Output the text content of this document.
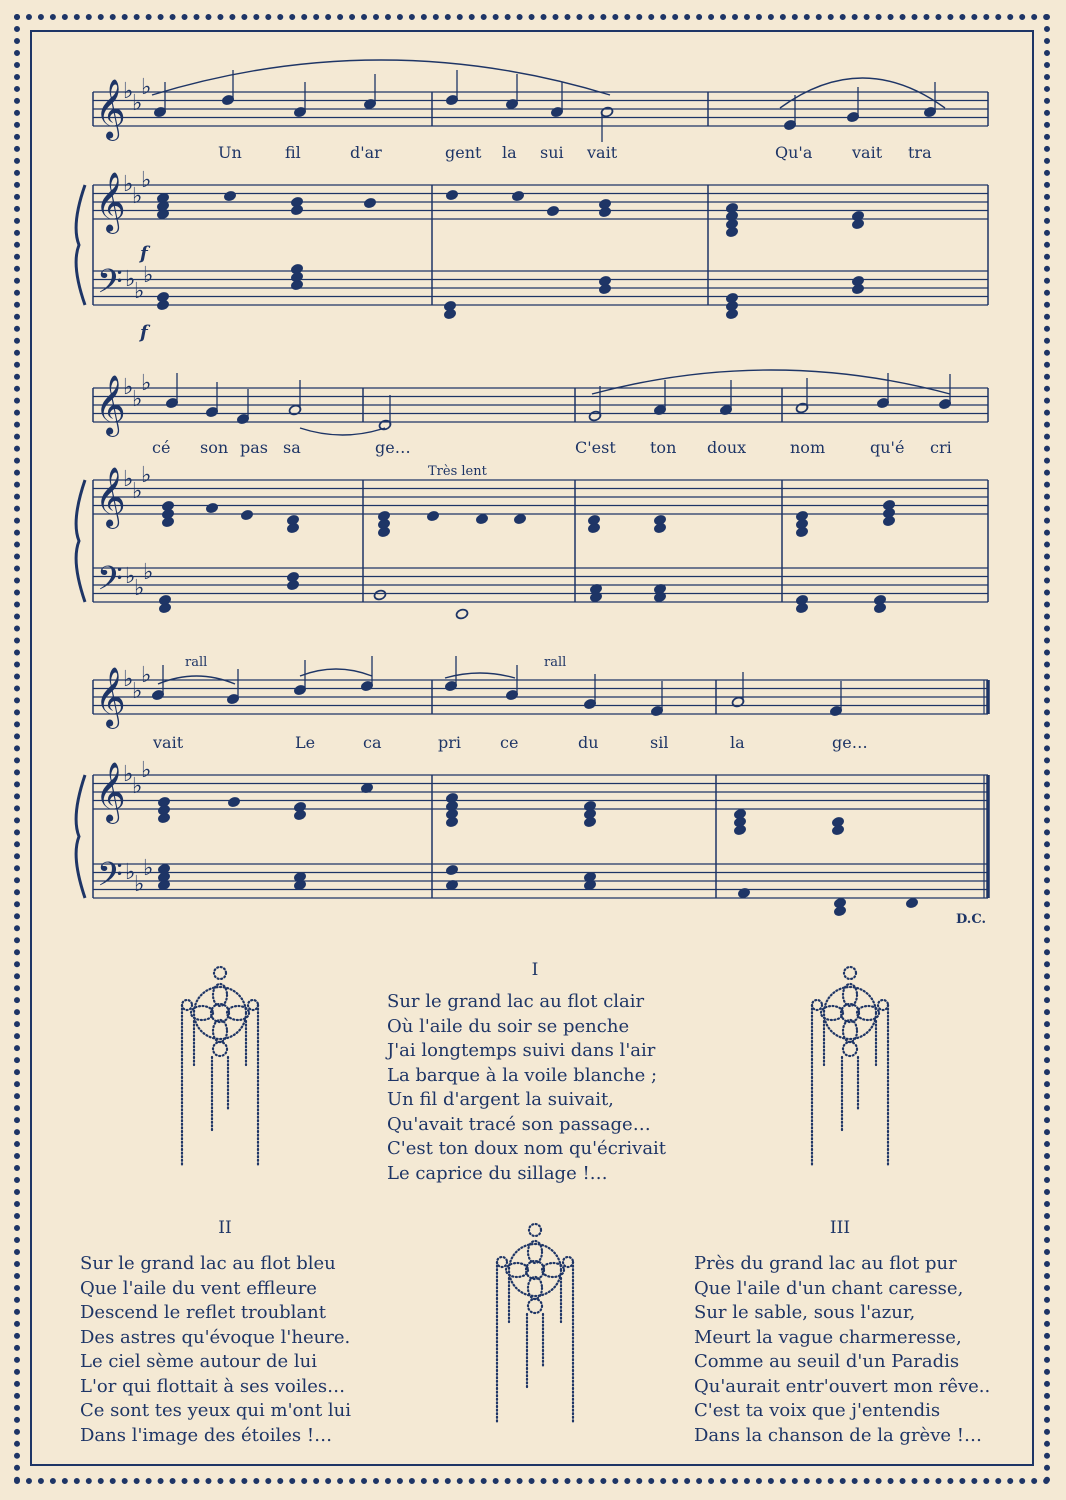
𝄞
𝄞
𝄢
♭
♭
♭
♭
♭
♭
♭
♭
♭
𝄞
𝄞
𝄢
♭
♭
♭
♭
♭
♭
♭
♭
♭
𝄞
𝄞
𝄢
♭
♭
♭
♭
♭
♭
♭
♭
♭
Un	fil	d'ar	gent la sui vait	Qu'a vait tra
f
f
cé son pas sa	ge…	C'est ton doux	nom	qu'é cri
Très lent
rall	rall
vait	Le	ca	pri ce	du	sil	la	ge…
D.C.
I
Sur le grand lac au flot clair
Où l'aile du soir se penche
J'ai longtemps suivi dans l'air
La barque à la voile blanche ;
Un fil d'argent la suivait,
Qu'avait tracé son passage…
C'est ton doux nom qu'écrivait
Le caprice du sillage !…
II
Sur le grand lac au flot bleu
Que l'aile du vent effleure
Descend le reflet troublant
Des astres qu'évoque l'heure.
Le ciel sème autour de lui
L'or qui flottait à ses voiles…
Ce sont tes yeux qui m'ont lui
Dans l'image des étoiles !…
III
Près du grand lac au flot pur
Que l'aile d'un chant caresse,
Sur le sable, sous l'azur,
Meurt la vague charmeresse,
Comme au seuil d'un Paradis
Qu'aurait entr'ouvert mon rêve..
C'est ta voix que j'entendis
Dans la chanson de la grève !…
